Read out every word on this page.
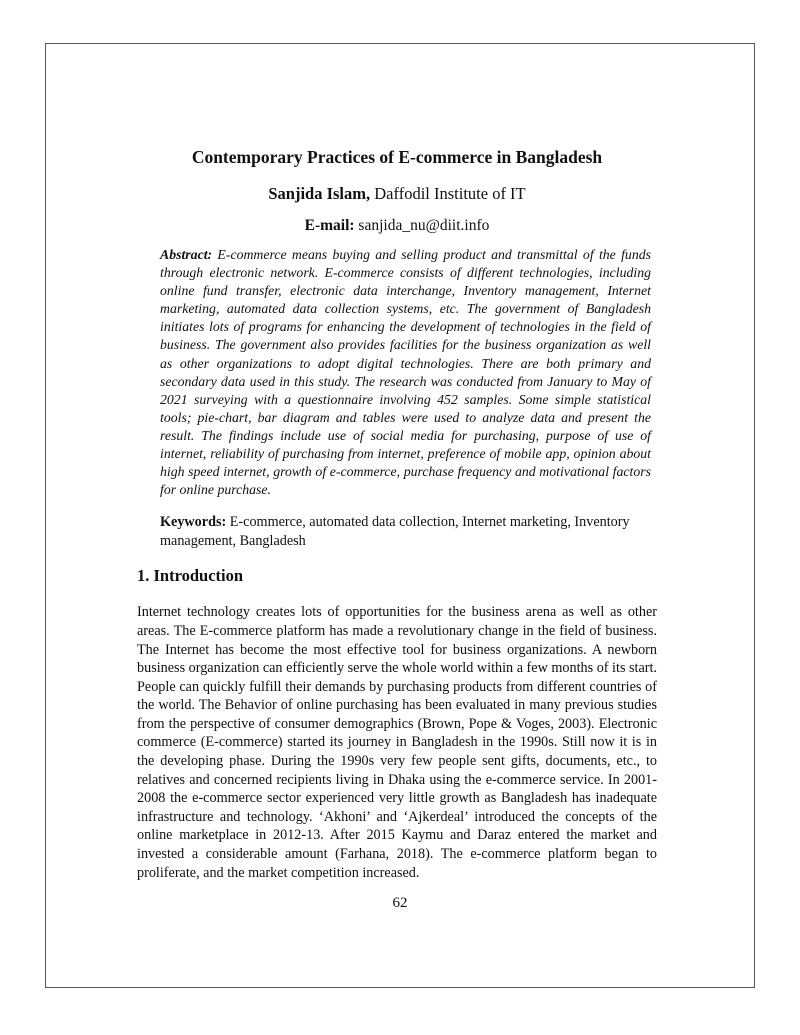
Contemporary Practices of E-commerce in Bangladesh
Sanjida Islam, Daffodil Institute of IT
E-mail: sanjida_nu@diit.info
Abstract: E-commerce means buying and selling product and transmittal of the funds through electronic network. E-commerce consists of different technologies, including online fund transfer, electronic data interchange, Inventory management, Internet marketing, automated data collection systems, etc. The government of Bangladesh initiates lots of programs for enhancing the development of technologies in the field of business. The government also provides facilities for the business organization as well as other organizations to adopt digital technologies. There are both primary and secondary data used in this study. The research was conducted from January to May of 2021 surveying with a questionnaire involving 452 samples. Some simple statistical tools; pie-chart, bar diagram and tables were used to analyze data and present the result. The findings include use of social media for purchasing, purpose of use of internet, reliability of purchasing from internet, preference of mobile app, opinion about high speed internet, growth of e-commerce, purchase frequency and motivational factors for online purchase.
Keywords: E-commerce, automated data collection, Internet marketing, Inventory management, Bangladesh
1. Introduction

Internet technology creates lots of opportunities for the business arena as well as other areas. The E-commerce platform has made a revolutionary change in the field of business. The Internet has become the most effective tool for business organizations. A newborn business organization can efficiently serve the whole world within a few months of its start. People can quickly fulfill their demands by purchasing products from different countries of the world. The Behavior of online purchasing has been evaluated in many previous studies from the perspective of consumer demographics (Brown, Pope & Voges, 2003). Electronic commerce (E-commerce) started its journey in Bangladesh in the 1990s. Still now it is in the developing phase. During the 1990s very few people sent gifts, documents, etc., to relatives and concerned recipients living in Dhaka using the e-commerce service. In 2001-2008 the e-commerce sector experienced very little growth as Bangladesh has inadequate infrastructure and technology. ‘Akhoni’ and ‘Ajkerdeal’ introduced the concepts of the online marketplace in 2012-13. After 2015 Kaymu and Daraz entered the market and invested a considerable amount (Farhana, 2018). The e-commerce platform began to proliferate, and the market competition increased.

62
